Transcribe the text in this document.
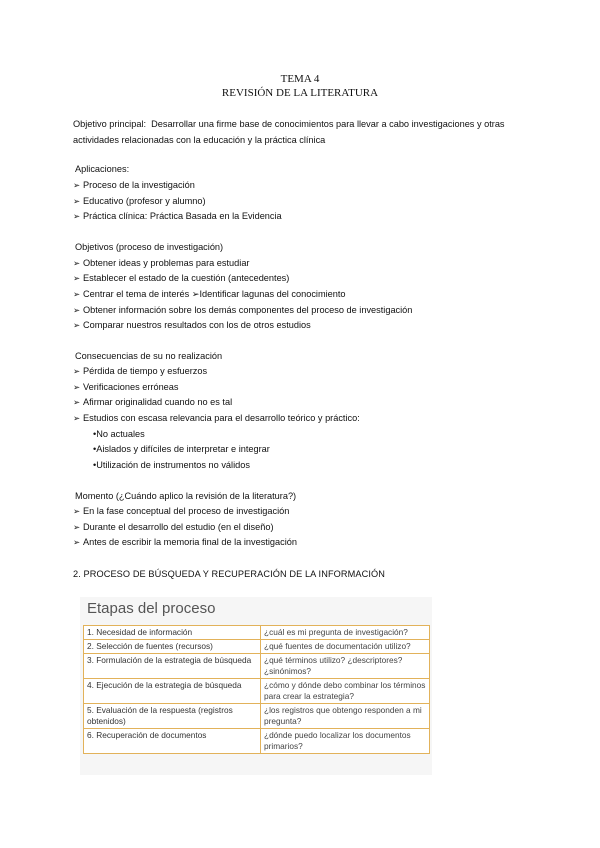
TEMA 4
REVISIÓN DE LA LITERATURA
Objetivo principal: Desarrollar una firme base de conocimientos para llevar a cabo investigaciones y otras actividades relacionadas con la educación y la práctica clínica
Aplicaciones:
➢ Proceso de la investigación
➢ Educativo (profesor y alumno)
➢ Práctica clínica: Práctica Basada en la Evidencia
Objetivos (proceso de investigación)
➢ Obtener ideas y problemas para estudiar
➢ Establecer el estado de la cuestión (antecedentes)
➢ Centrar el tema de interés ➢Identificar lagunas del conocimiento
➢ Obtener información sobre los demás componentes del proceso de investigación
➢ Comparar nuestros resultados con los de otros estudios
Consecuencias de su no realización
➢ Pérdida de tiempo y esfuerzos
➢ Verificaciones erróneas
➢ Afirmar originalidad cuando no es tal
➢ Estudios con escasa relevancia para el desarrollo teórico y práctico:
•No actuales
•Aislados y difíciles de interpretar e integrar
•Utilización de instrumentos no válidos
Momento (¿Cuándo aplico la revisión de la literatura?)
➢ En la fase conceptual del proceso de investigación
➢ Durante el desarrollo del estudio (en el diseño)
➢ Antes de escribir la memoria final de la investigación
2. PROCESO DE BÚSQUEDA Y RECUPERACIÓN DE LA INFORMACIÓN
Etapas del proceso
1. Necesidad de información	¿cuál es mi pregunta de investigación?
2. Selección de fuentes (recursos)	¿qué fuentes de documentación utilizo?
3. Formulación de la estrategia de búsqueda	¿qué términos utilizo? ¿descriptores?¿sinónimos?
4. Ejecución de la estrategia de búsqueda	¿cómo y dónde debo combinar los términos para crear la estrategia?
5. Evaluación de la respuesta (registros obtenidos)	¿los registros que obtengo responden a mi pregunta?
6. Recuperación de documentos	¿dónde puedo localizar los documentos primarios?
